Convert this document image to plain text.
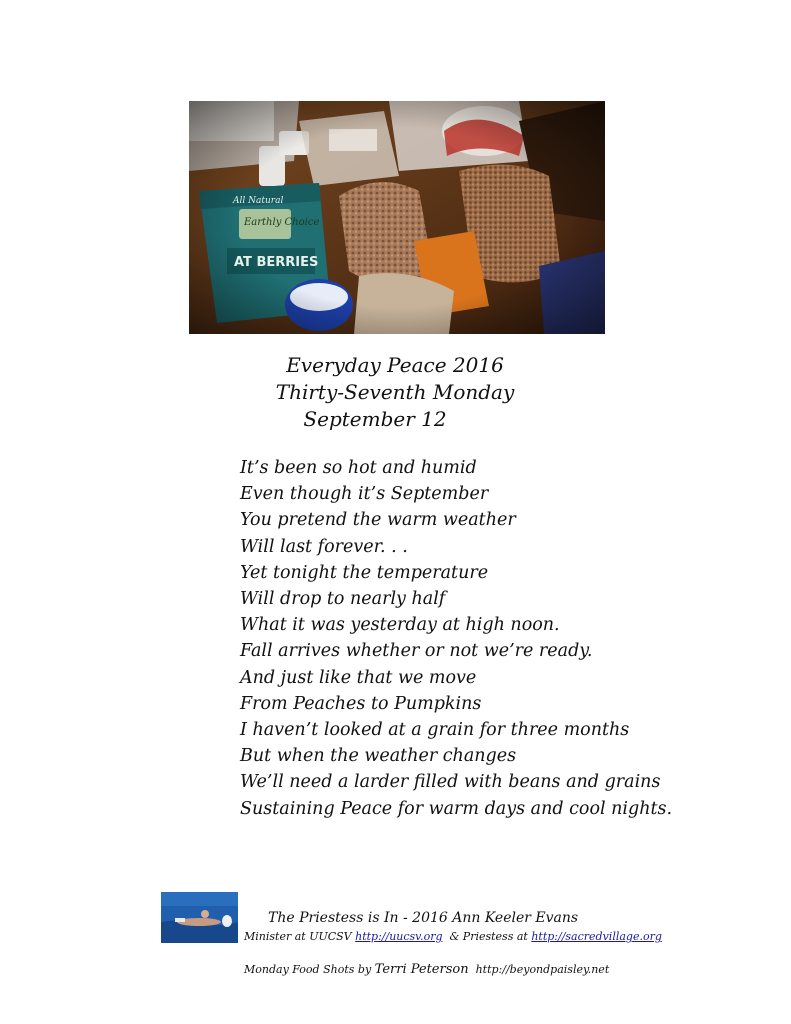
All Natural
Earthly Choice
AT BERRIES
Everyday Peace 2016
Thirty-Seventh Monday
September 12
It’s been so hot and humid
Even though it’s September
You pretend the warm weather
Will last forever. . .
Yet tonight the temperature
Will drop to nearly half
What it was yesterday at high noon.
Fall arrives whether or not we’re ready.
And just like that we move
From Peaches to Pumpkins
I haven’t looked at a grain for three months
But when the weather changes
We’ll need a larder filled with beans and grains
Sustaining Peace for warm days and cool nights.
The Priestess is In - 2016 Ann Keeler Evans
Minister at UUCSV http://uucsv.org  & Priestess at http://sacredvillage.org
Monday Food Shots by Terri Peterson  http://beyondpaisley.net
